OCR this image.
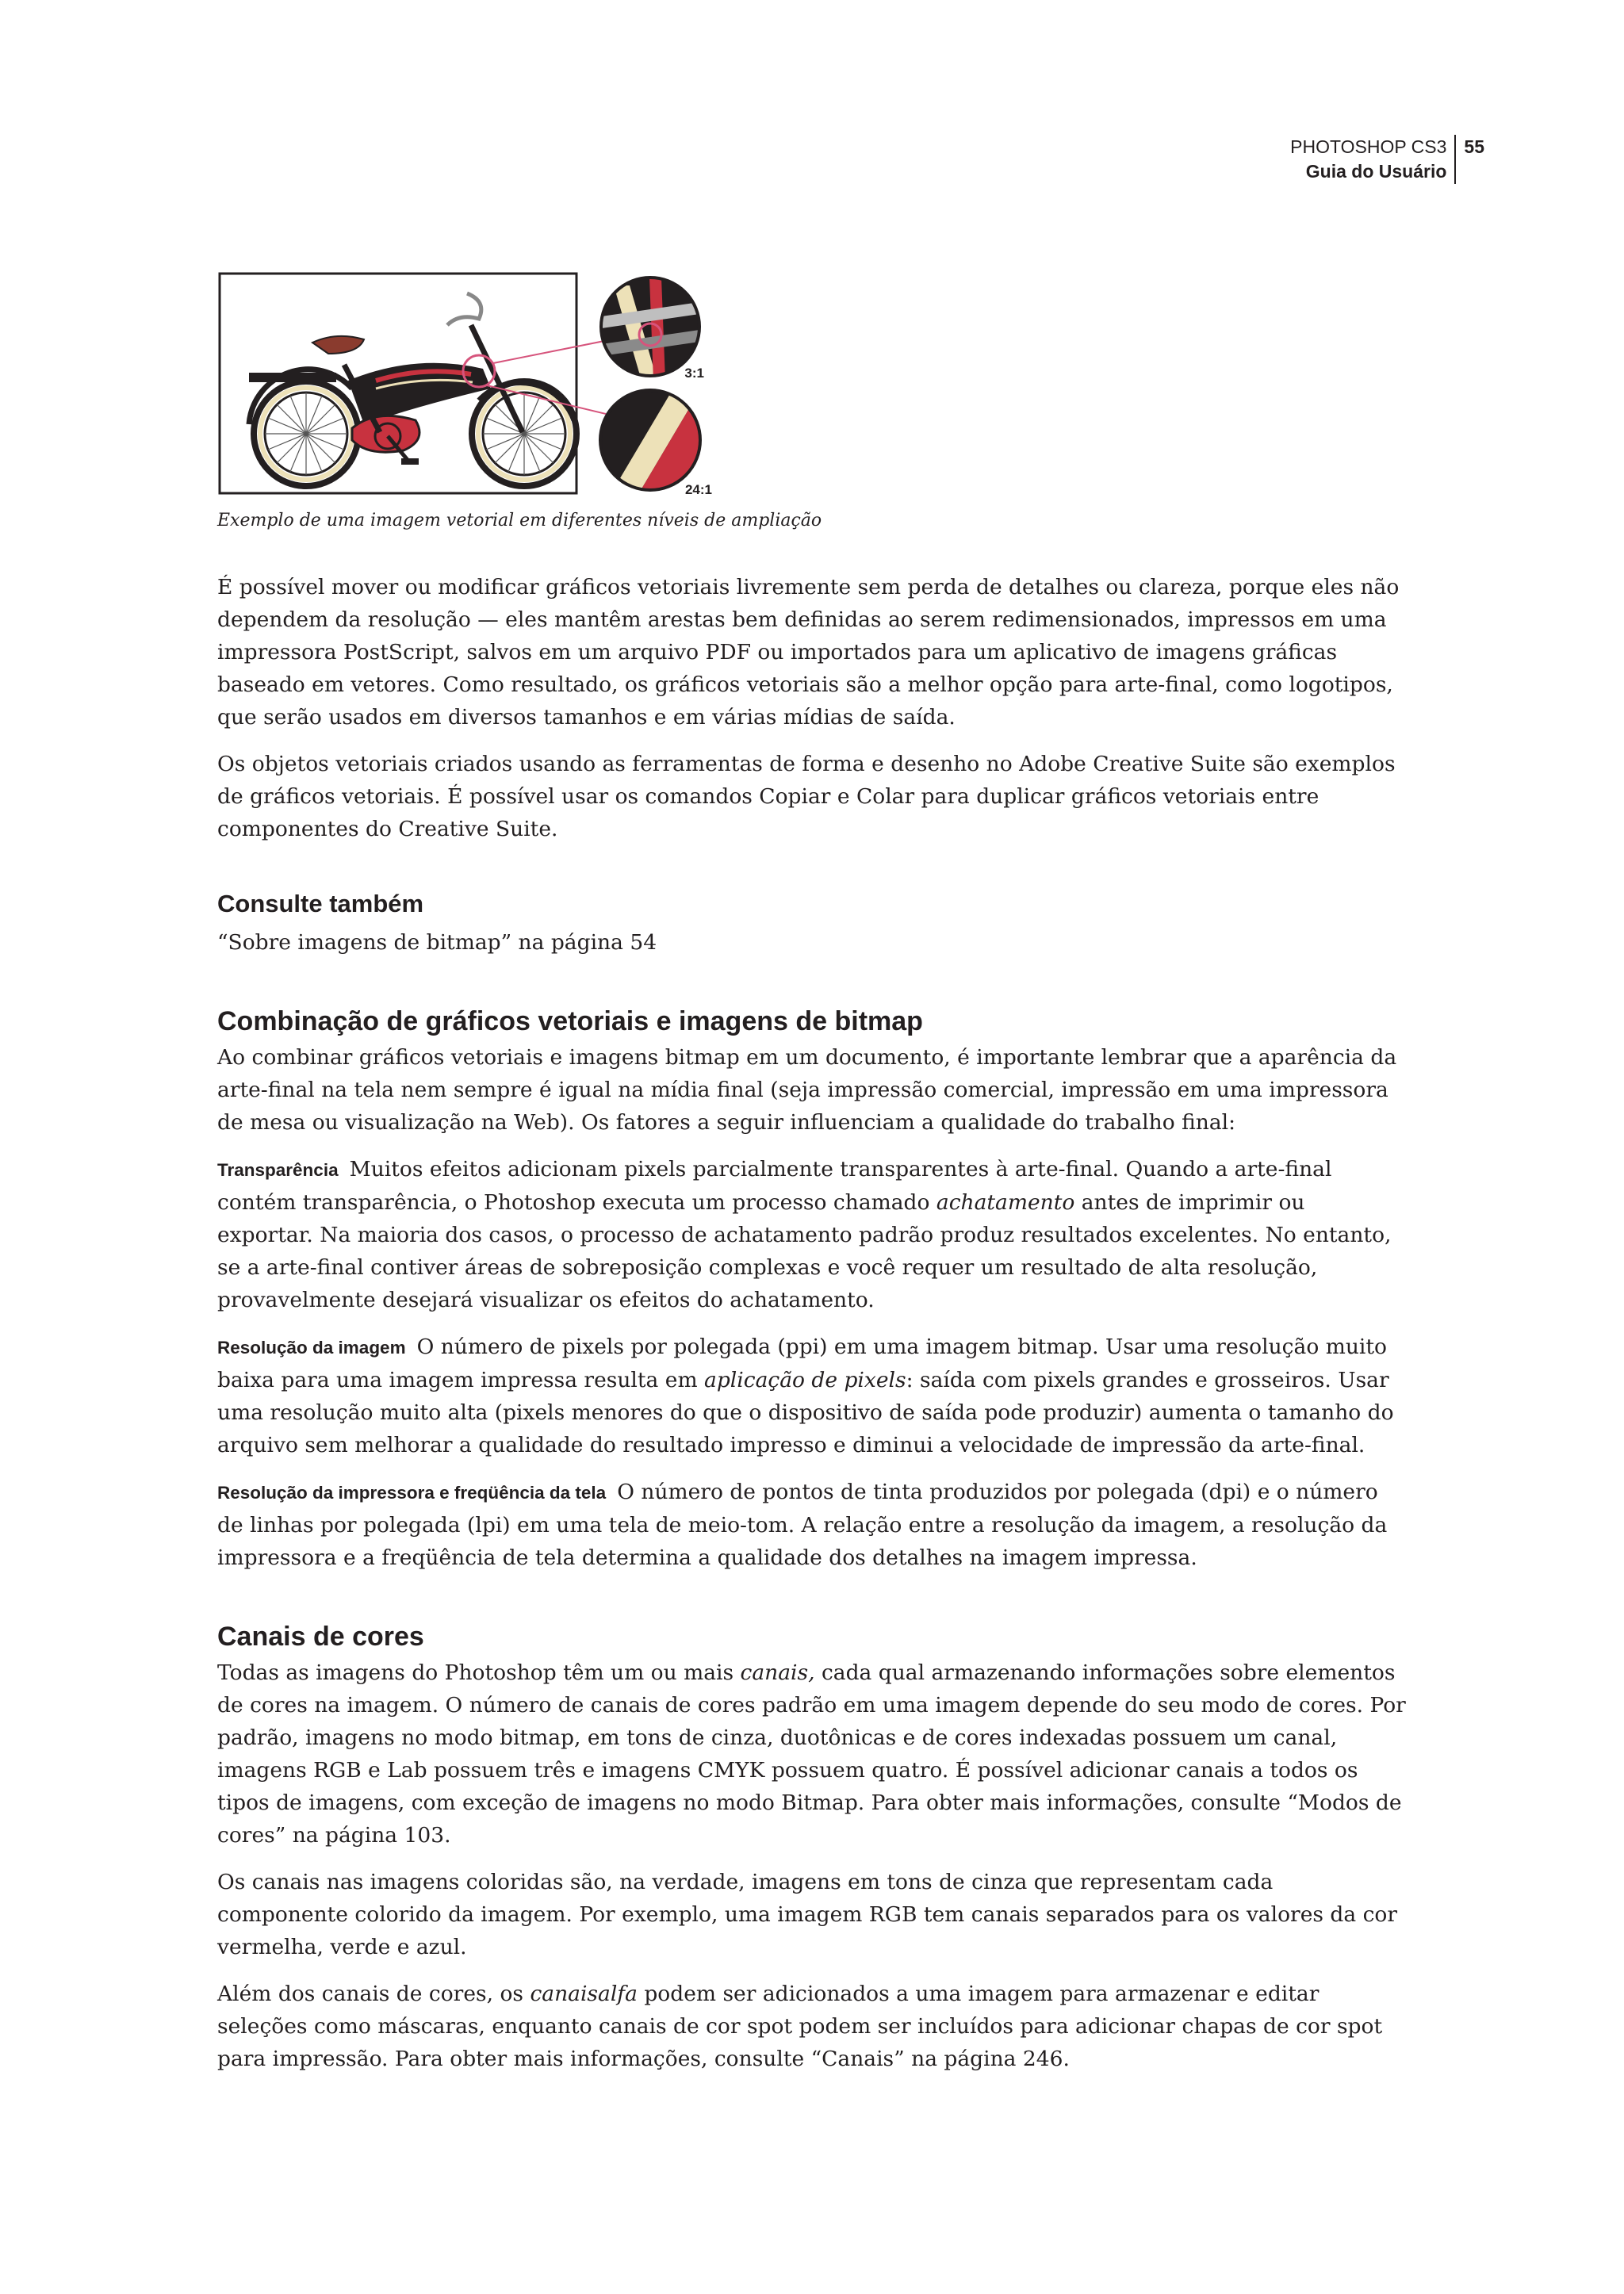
PHOTOSHOP CS3
Guia do Usuário
55
3:1
24:1
Exemplo de uma imagem vetorial em diferentes níveis de ampliação

É possível mover ou modificar gráficos vetoriais livremente sem perda de detalhes ou clareza, porque eles não dependem da resolução — eles mantêm arestas bem definidas ao serem redimensionados, impressos em uma impressora PostScript, salvos em um arquivo PDF ou importados para um aplicativo de imagens gráficas baseado em vetores. Como resultado, os gráficos vetoriais são a melhor opção para arte-final, como logotipos, que serão usados em diversos tamanhos e em várias mídias de saída.

Os objetos vetoriais criados usando as ferramentas de forma e desenho no Adobe Creative Suite são exemplos de gráficos vetoriais. É possível usar os comandos Copiar e Colar para duplicar gráficos vetoriais entre componentes do Creative Suite.

Consulte também

“Sobre imagens de bitmap” na página 54

Combinação de gráficos vetoriais e imagens de bitmap

Ao combinar gráficos vetoriais e imagens bitmap em um documento, é importante lembrar que a aparência da arte-final na tela nem sempre é igual na mídia final (seja impressão comercial, impressão em uma impressora de mesa ou visualização na Web). Os fatores a seguir influenciam a qualidade do trabalho final:

Transparência Muitos efeitos adicionam pixels parcialmente transparentes à arte-final. Quando a arte-final contém transparência, o Photoshop executa um processo chamado achatamento antes de imprimir ou exportar. Na maioria dos casos, o processo de achatamento padrão produz resultados excelentes. No entanto, se a arte-final contiver áreas de sobreposição complexas e você requer um resultado de alta resolução, provavelmente desejará visualizar os efeitos do achatamento.

Resolução da imagem O número de pixels por polegada (ppi) em uma imagem bitmap. Usar uma resolução muito baixa para uma imagem impressa resulta em aplicação de pixels: saída com pixels grandes e grosseiros. Usar uma resolução muito alta (pixels menores do que o dispositivo de saída pode produzir) aumenta o tamanho do arquivo sem melhorar a qualidade do resultado impresso e diminui a velocidade de impressão da arte-final.

Resolução da impressora e freqüência da tela O número de pontos de tinta produzidos por polegada (dpi) e o número de linhas por polegada (lpi) em uma tela de meio-tom. A relação entre a resolução da imagem, a resolução da impressora e a freqüência de tela determina a qualidade dos detalhes na imagem impressa.

Canais de cores

Todas as imagens do Photoshop têm um ou mais canais, cada qual armazenando informações sobre elementos de cores na imagem. O número de canais de cores padrão em uma imagem depende do seu modo de cores. Por padrão, imagens no modo bitmap, em tons de cinza, duotônicas e de cores indexadas possuem um canal, imagens RGB e Lab possuem três e imagens CMYK possuem quatro. É possível adicionar canais a todos os tipos de imagens, com exceção de imagens no modo Bitmap. Para obter mais informações, consulte “Modos de cores” na página 103.

Os canais nas imagens coloridas são, na verdade, imagens em tons de cinza que representam cada componente colorido da imagem. Por exemplo, uma imagem RGB tem canais separados para os valores da cor vermelha, verde e azul.

Além dos canais de cores, os canaisalfa podem ser adicionados a uma imagem para armazenar e editar seleções como máscaras, enquanto canais de cor spot podem ser incluídos para adicionar chapas de cor spot para impressão. Para obter mais informações, consulte “Canais” na página 246.
